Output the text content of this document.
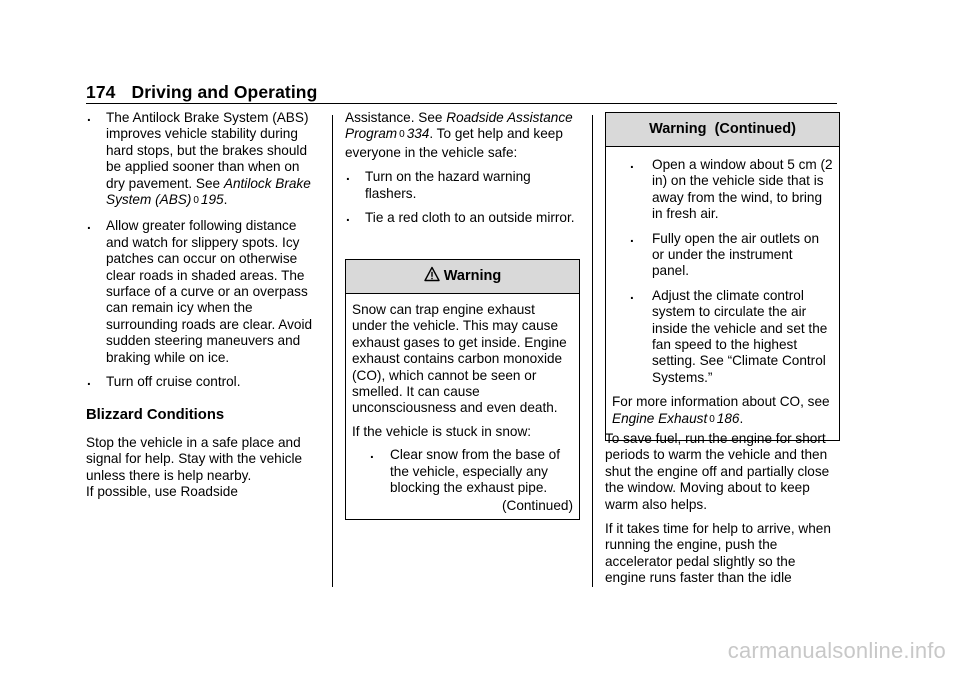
174 Driving and Operating
. The Antilock Brake System (ABS) improves vehicle stability during hard stops, but the brakes should be applied sooner than when on dry pavement. See Antilock Brake System (ABS) 0 195.
. Allow greater following distance and watch for slippery spots. Icy patches can occur on otherwise clear roads in shaded areas. The surface of a curve or an overpass can remain icy when the surrounding roads are clear. Avoid sudden steering maneuvers and braking while on ice.
. Turn off cruise control.
Blizzard Conditions

Stop the vehicle in a safe place and signal for help. Stay with the vehicle unless there is help nearby.

If possible, use Roadside

Assistance. See Roadside Assistance Program 0 334. To get help and keep everyone in the vehicle safe:

. Turn on the hazard warning flashers.
. Tie a red cloth to an outside mirror.
Warning

Snow can trap engine exhaust under the vehicle. This may cause exhaust gases to get inside. Engine exhaust contains carbon monoxide (CO), which cannot be seen or smelled. It can cause unconsciousness and even death.

If the vehicle is stuck in snow:

. Clear snow from the base of the vehicle, especially any blocking the exhaust pipe.
(Continued)
Warning  (Continued)
. Open a window about 5 cm (2 in) on the vehicle side that is away from the wind, to bring in fresh air.
. Fully open the air outlets on or under the instrument panel.
. Adjust the climate control system to circulate the air inside the vehicle and set the fan speed to the highest setting. See “Climate Control Systems.”

For more information about CO, see Engine Exhaust 0 186.

To save fuel, run the engine for short periods to warm the vehicle and then shut the engine off and partially close the window. Moving about to keep warm also helps.

If it takes time for help to arrive, when running the engine, push the accelerator pedal slightly so the engine runs faster than the idle

carmanualsonline.info
